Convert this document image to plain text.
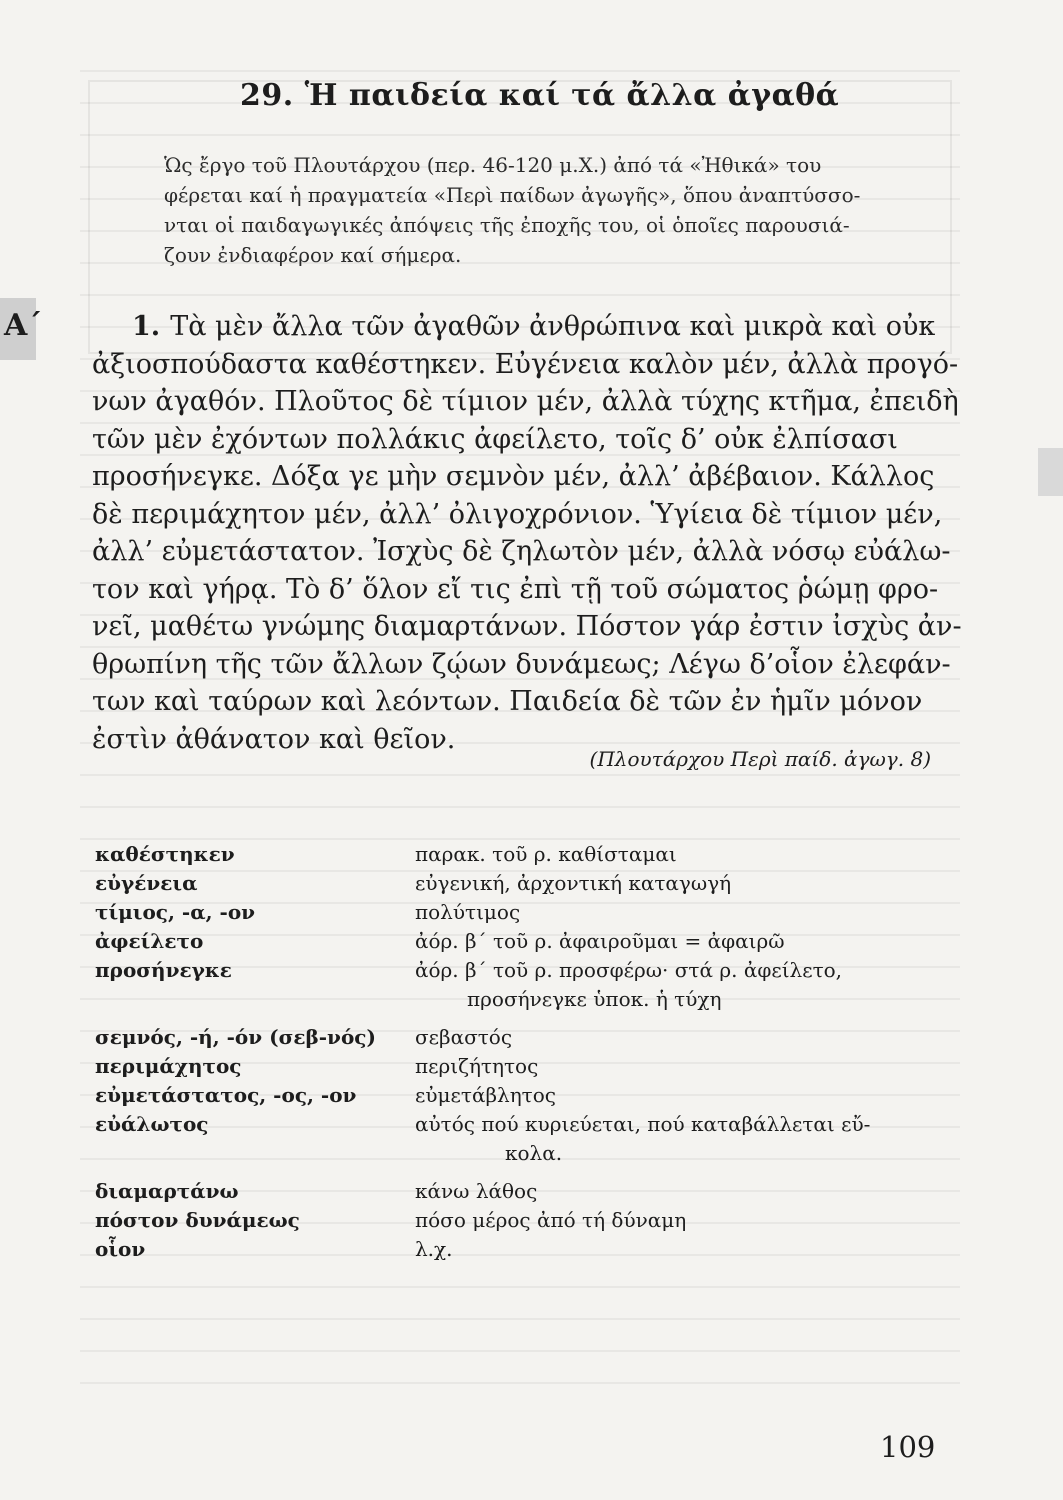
29. Ἡ παιδεία καί τά ἄλλα ἀγαθά
Ὡς ἔργο τοῦ Πλουτάρχου (περ. 46-120 μ.Χ.) ἀπό τά «Ἠθικά» του
φέρεται καί ἡ πραγματεία «Περὶ παίδων ἀγωγῆς», ὅπου ἀναπτύσσο-
νται οἱ παιδαγωγικές ἀπόψεις τῆς ἐποχῆς του, οἱ ὁποῖες παρουσιά-
ζουν ἐνδιαφέρον καί σήμερα.
Α΄	1. Τὰ μὲν ἄλλα τῶν ἀγαθῶν ἀνθρώπινα καὶ μικρὰ καὶ οὐκ
ἀξιοσπούδαστα καθέστηκεν. Εὐγένεια καλὸν μέν, ἀλλὰ προγό-
νων ἀγαθόν. Πλοῦτος δὲ τίμιον μέν, ἀλλὰ τύχης κτῆμα, ἐπειδὴ
τῶν μὲν ἐχόντων πολλάκις ἀφείλετο, τοῖς δ’ οὐκ ἐλπίσασι
προσήνεγκε. Δόξα γε μὴν σεμνὸν μέν, ἀλλ’ ἀβέβαιον. Κάλλος
δὲ περιμάχητον μέν, ἀλλ’ ὀλιγοχρόνιον. Ὑγίεια δὲ τίμιον μέν,
ἀλλ’ εὐμετάστατον. Ἰσχὺς δὲ ζηλωτὸν μέν, ἀλλὰ νόσῳ εὐάλω-
τον καὶ γήρᾳ. Τὸ δ’ ὅλον εἴ τις ἐπὶ τῇ τοῦ σώματος ῥώμῃ φρο-
νεῖ, μαθέτω γνώμης διαμαρτάνων. Πόστον γάρ ἐστιν ἰσχὺς ἀν-
θρωπίνη τῆς τῶν ἄλλων ζῴων δυνάμεως; Λέγω δ’οἷον ἐλεφάν-
των καὶ ταύρων καὶ λεόντων. Παιδεία δὲ τῶν ἐν ἡμῖν μόνον
ἐστὶν ἀθάνατον καὶ θεῖον.
(Πλουτάρχου Περὶ παίδ. ἀγωγ. 8)
καθέστηκεν	παρακ. τοῦ ρ. καθίσταμαι
εὐγένεια	εὐγενική, ἀρχοντική καταγωγή
τίμιος, -α, -ον	πολύτιμος
ἀφείλετο	ἀόρ. β΄ τοῦ ρ. ἀφαιροῦμαι = ἀφαιρῶ
προσήνεγκε	ἀόρ. β΄ τοῦ ρ. προσφέρω· στά ρ. ἀφείλετο,
προσήνεγκε ὑποκ. ἡ τύχη
σεμνός, -ή, -όν (σεβ-νός)	σεβαστός
περιμάχητος	περιζήτητος
εὐμετάστατος, -ος, -ον	εὐμετάβλητος
εὐάλωτος	αὐτός πού κυριεύεται, πού καταβάλλεται εὔ-
κολα.
διαμαρτάνω	κάνω λάθος
πόστον δυνάμεως	πόσο μέρος ἀπό τή δύναμη
οἷον	λ.χ.
109
